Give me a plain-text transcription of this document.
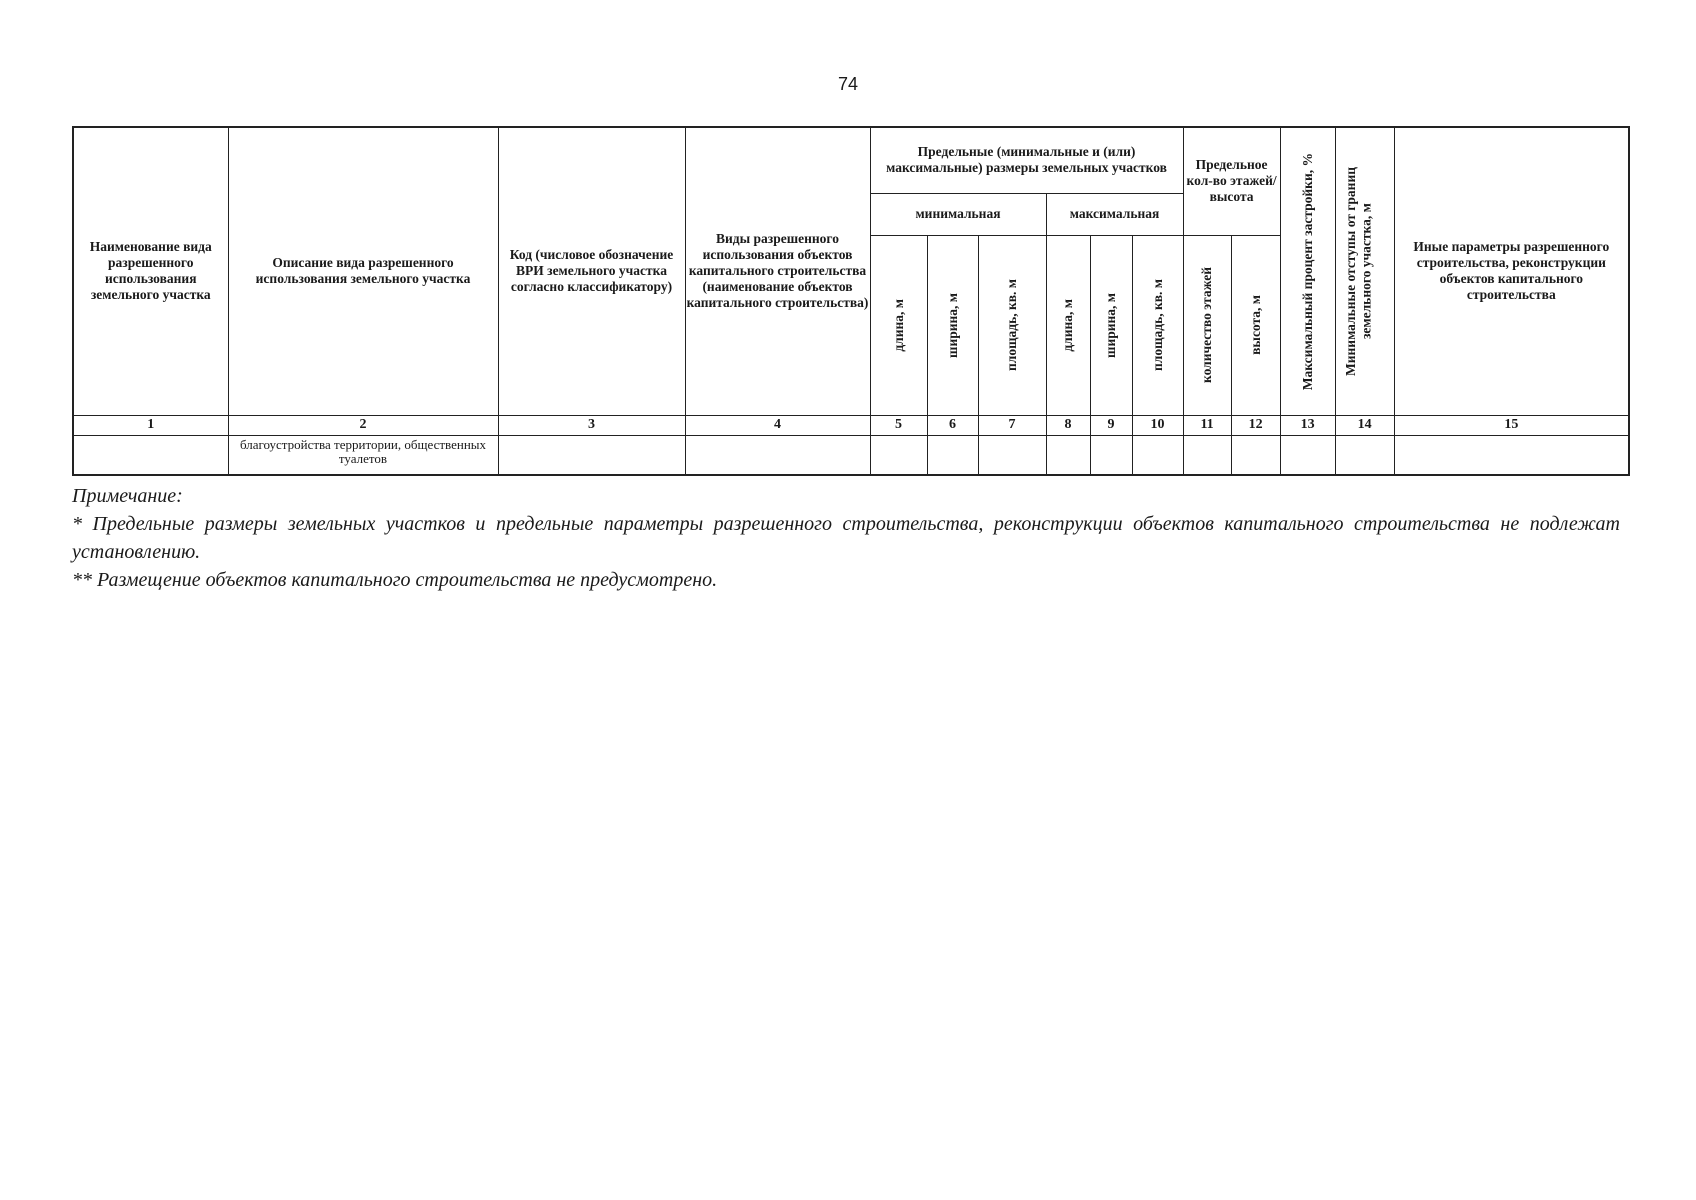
74
Наименование вида разрешенного использования земельного участка	Описание вида разрешенного использования земельного участка	Код (числовое обозначение ВРИ земельного участка согласно классификатору)	Виды разрешенного использования объектов капитального строительства (наименование объектов капитального строительства)	Предельные (минимальные и (или) максимальные) размеры земельных участков						Предельное кол-во этажей/ высота		Максимальный процент застройки, %	Минимальные отступы от границ земельного участка, м	Иные параметры разрешенного строительства, реконструкции объектов капитального строительства
				минимальная			максимальная							

				длина, м	ширина, м	площадь, кв. м	длина, м	ширина, м	площадь, кв. м	количество этажей	высота, м			

1	2	3	4	5	6	7	8	9	10	11	12	13	14	15
	благоустройства территории, общественных туалетов													

Примечание:

* Предельные размеры земельных участков и предельные параметры разрешенного строительства, реконструкции объектов капитального строительства не подлежат установлению.

** Размещение объектов капитального строительства не предусмотрено.
